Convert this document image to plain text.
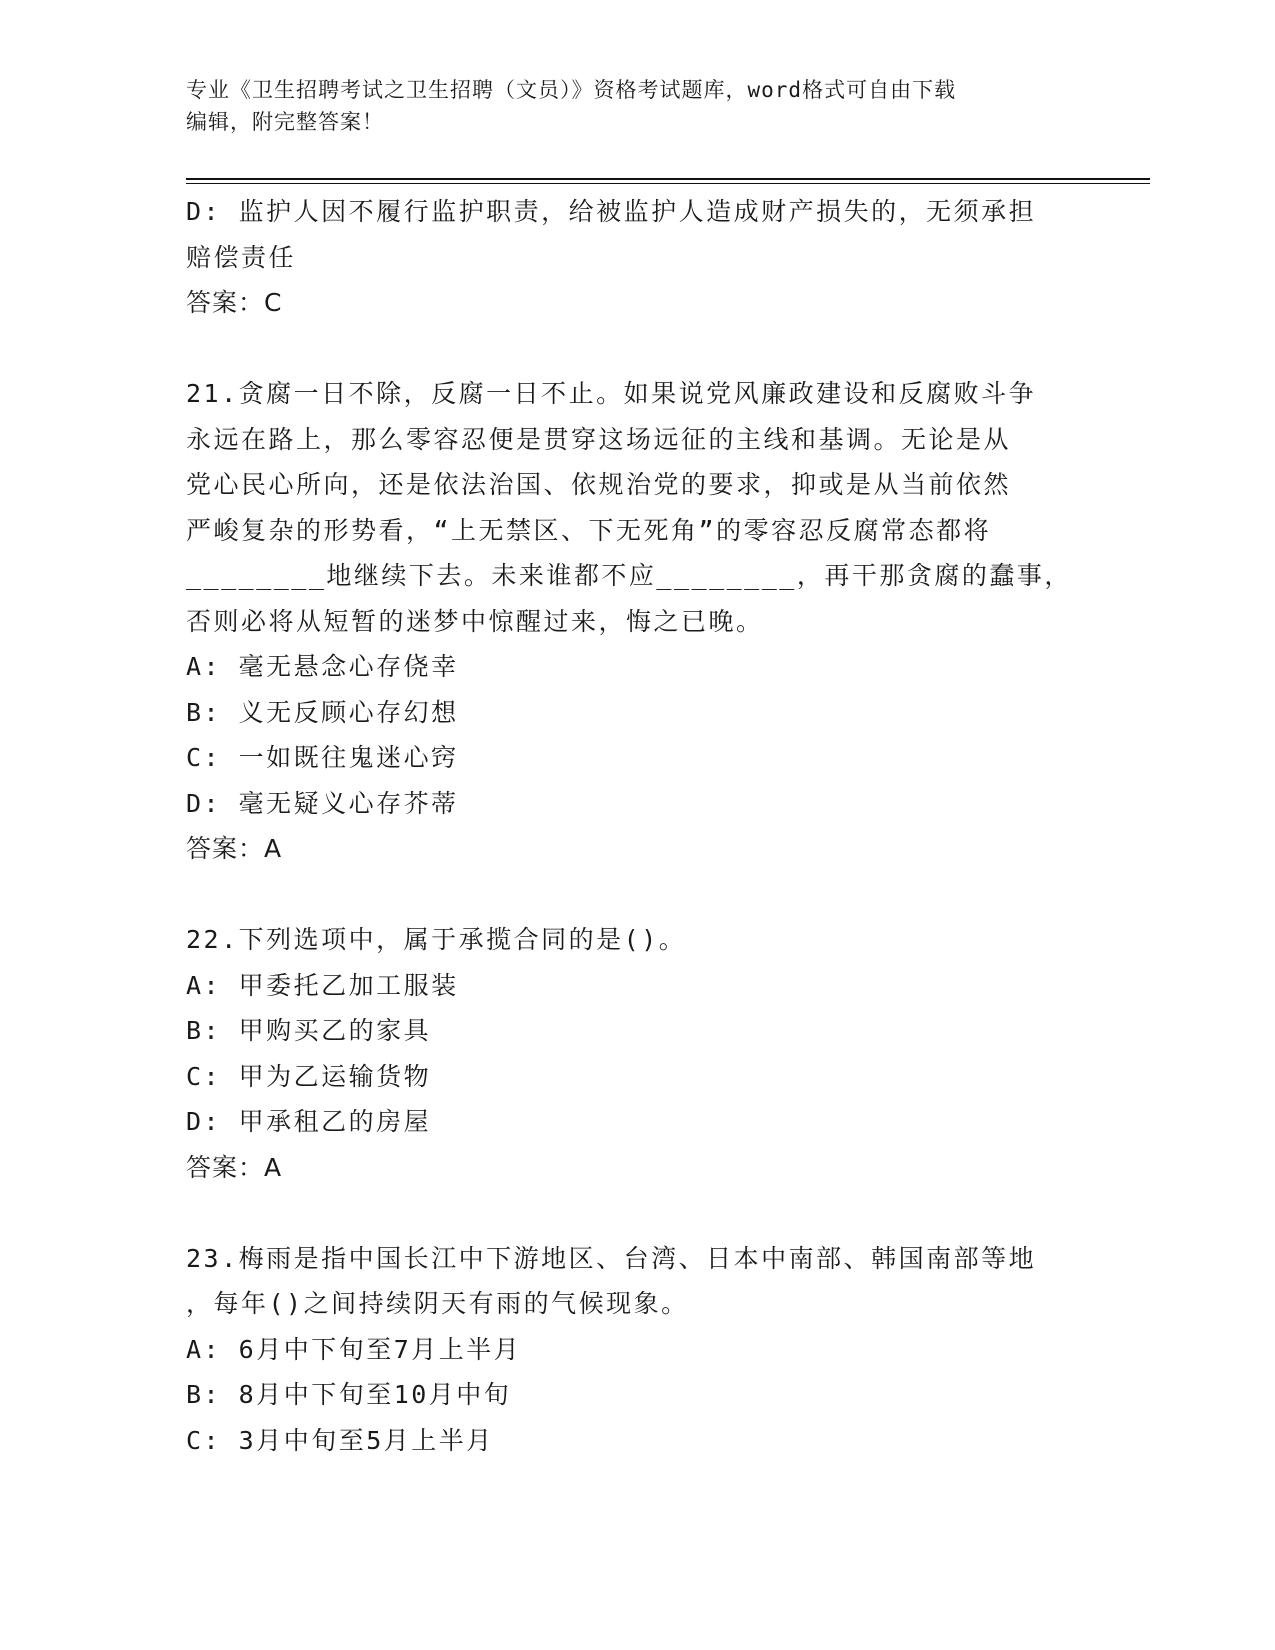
专业《卫生招聘考试之卫生招聘（文员）》资格考试题库，word格式可自由下载
编辑，附完整答案！
D: 监护人因不履行监护职责，给被监护人造成财产损失的，无须承担
赔偿责任
答案：C
21.贪腐一日不除，反腐一日不止。如果说党风廉政建设和反腐败斗争
永远在路上，那么零容忍便是贯穿这场远征的主线和基调。无论是从
党心民心所向，还是依法治国、依规治党的要求，抑或是从当前依然
严峻复杂的形势看，“上无禁区、下无死角”的零容忍反腐常态都将
________地继续下去。未来谁都不应________，再干那贪腐的蠢事，
否则必将从短暂的迷梦中惊醒过来，悔之已晚。
A: 毫无悬念心存侥幸
B: 义无反顾心存幻想
C: 一如既往鬼迷心窍
D: 毫无疑义心存芥蒂
答案：A
22.下列选项中，属于承揽合同的是()。
A: 甲委托乙加工服装
B: 甲购买乙的家具
C: 甲为乙运输货物
D: 甲承租乙的房屋
答案：A
23.梅雨是指中国长江中下游地区、台湾、日本中南部、韩国南部等地
，每年()之间持续阴天有雨的气候现象。
A: 6月中下旬至7月上半月
B: 8月中下旬至10月中旬
C: 3月中旬至5月上半月
